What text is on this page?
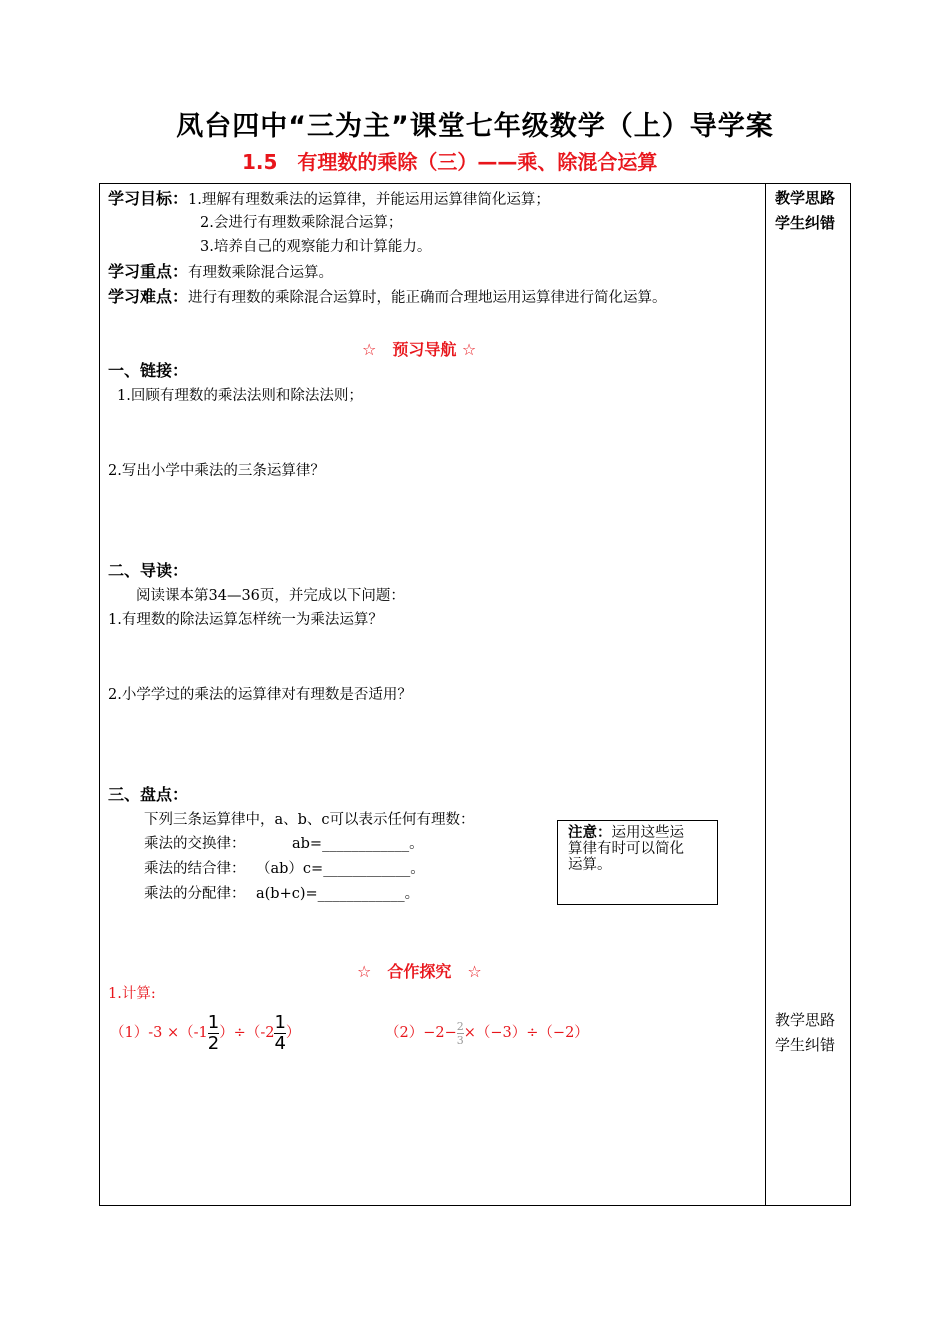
凤台四中“三为主”课堂七年级数学（上）导学案
1.5　有理数的乘除（三）——乘、除混合运算
教学思路
学生纠错
教学思路
学生纠错
学习目标：1.理解有理数乘法的运算律，并能运用运算律简化运算；
2.会进行有理数乘除混合运算；
3.培养自己的观察能力和计算能力。
学习重点：有理数乘除混合运算。
学习难点：进行有理数的乘除混合运算时，能正确而合理地运用运算律进行简化运算。
☆　预习导航 ☆
一、链接：
1.回顾有理数的乘法法则和除法法则；
2.写出小学中乘法的三条运算律？
二、导读：
阅读课本第34—36页，并完成以下问题：
1.有理数的除法运算怎样统一为乘法运算？
2.小学学过的乘法的运算律对有理数是否适用？
三、盘点：
下列三条运算律中，a、b、c可以表示任何有理数：
乘法的交换律：	ab=____________。
乘法的结合律： （ab）c=____________。
乘法的分配律： a(b+c)=____________。
注意：运用这些运
算律有时可以简化
运算。
☆　合作探究　☆
1.计算:
$(1)-3 \times(-1 \frac{1}{2} )\div(-2 \frac{1}{4}$ ）	$(2)-2- \frac{2}{3} \times(-3)\div(-2)$
